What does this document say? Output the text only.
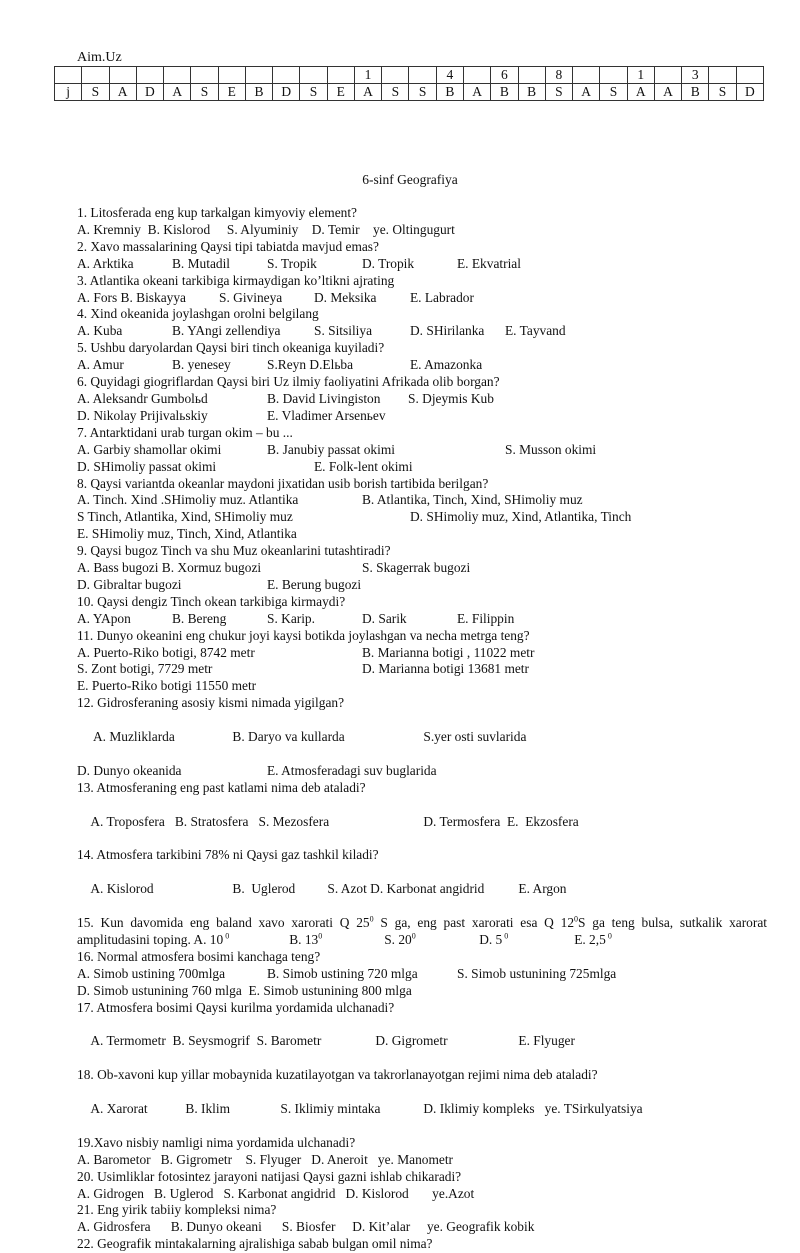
Aim.Uz
											1			4		6		8			1		3		
j	S	A	D	A	S	E	B	D	S	E	A	S	S	B	A	B	B	S	A	S	A	A	B	S	D
6-sinf Geografiya
1. Litosferada eng kup tarkalgan kimyoviy element?
A. Kremniy  B. Kislorod     S. Alyuminiy    D. Temir    ye. Oltingugurt
2. Xavo massalarining Qaysi tipi tabiatda mavjud emas?
A. Arktika	B. Mutadil	S. Tropik	D. Tropik	E. Ekvatrial
3. Atlantika okeani tarkibiga kirmaydigan ko’ltikni ajrating
A. Fors B. Biskayya S. Givineya D. Meksika	E. Labrador
4. Xind okeanida joylashgan orolni belgilang
A. Kuba	B. YAngi zellendiya	S. Sitsiliya	D. SHirilanka E. Tayvand
5. Ushbu daryolardan Qaysi biri tinch okeaniga kuyiladi?
A. Amur	B. yenesey	S.Reyn D.Elьba	E. Amazonka
6. Quyidagi giogriflardan Qaysi biri Uz ilmiy faoliyatini Afrikada olib borgan?
A. Aleksandr Gumbolьd	B. David Livingiston S. Djeymis Kub
D. Nikolay Prijivalьskiy	E. Vladimer Arsenьev
7. Antarktidani urab turgan okim – bu ...
A. Garbiy shamollar okimi	B. Janubiy passat okimi	S. Musson okimi
D. SHimoliy passat okimi	E. Folk-lent okimi
8. Qaysi variantda okeanlar maydoni jixatidan usib borish tartibida berilgan?
A. Tinch. Xind .SHimoliy muz. Atlantika	B. Atlantika, Tinch, Xind, SHimoliy muz
S Tinch, Atlantika, Xind, SHimoliy muz	D. SHimoliy muz, Xind, Atlantika, Tinch
E. SHimoliy muz, Tinch, Xind, Atlantika
9. Qaysi bugoz Tinch va shu Muz okeanlarini tutashtiradi?
A. Bass bugozi B. Xormuz bugozi	S. Skagerrak bugozi
D. Gibraltar bugozi	E. Berung bugozi
10. Qaysi dengiz Tinch okean tarkibiga kirmaydi?
A. YApon	B. Bereng	S. Karip.	D. Sarik	E. Filippin
11. Dunyo okeanini eng chukur joyi kaysi botikda joylashgan va necha metrga teng?
A. Puerto-Riko botigi, 8742 metr	B. Marianna botigi , 11022 metr
S. Zont botigi, 7729 metr	D. Marianna botigi 13681 metr
E. Puerto-Riko botigi 11550 metr
12. Gidrosferaning asosiy kismi nimada yigilgan?

A. Muzliklarda	B. Daryo va kullarda	S.yer osti suvlarida

D. Dunyo okeanida	E. Atmosferadagi suv buglarida
13. Atmosferaning eng past katlami nima deb ataladi?

A. Troposfera   B. Stratosfera   S. Mezosfera	D. Termosfera  E.  Ekzosfera

14. Atmosfera tarkibini 78% ni Qaysi gaz tashkil kiladi?

A. Kislorod	B.  Uglerod S. Azot D. Karbonat angidrid	E. Argon

15. Kun davomida eng baland xavo xarorati Q $25^0$ S ga, eng past xarorati esa Q $12^0S$ ga teng bulsa, sutkalik xarorat amplitudasini toping. A. 10 $^0$	B. $13^0$	S. $20^0$	D. 5 $^0$	E. 2,5 $^0$
16. Normal atmosfera bosimi kanchaga teng?
A. Simob ustining 700mlga	B. Simob ustining 720 mlga	S. Simob ustunining 725mlga
D. Simob ustunining 760 mlga  E. Simob ustunining 800 mlga
17. Atmosfera bosimi Qaysi kurilma yordamida ulchanadi?

A. Termometr  B. Seysmogrif  S. Barometr	D. Gigrometr	E. Flyuger

18. Ob-xavoni kup yillar mobaynida kuzatilayotgan va takrorlanayotgan rejimi nima deb ataladi?

A. Xarorat	B. Iklim	S. Iklimiy mintaka	D. Iklimiy kompleks   ye. TSirkulyatsiya

19.Xavo nisbiy namligi nima yordamida ulchanadi?
A. Barometor   B. Gigrometr    S. Flyuger   D. Aneroit   ye. Manometr
20. Usimliklar fotosintez jarayoni natijasi Qaysi gazni ishlab chikaradi?
A. Gidrogen   B. Uglerod   S. Karbonat angidrid   D. Kislorod       ye.Azot
21. Eng yirik tabiiy kompleksi nima?
A. Gidrosfera      B. Dunyo okeani      S. Biosfer     D. Kit’alar     ye. Geografik kobik
22. Geografik mintakalarning ajralishiga sabab bulgan omil nima?
